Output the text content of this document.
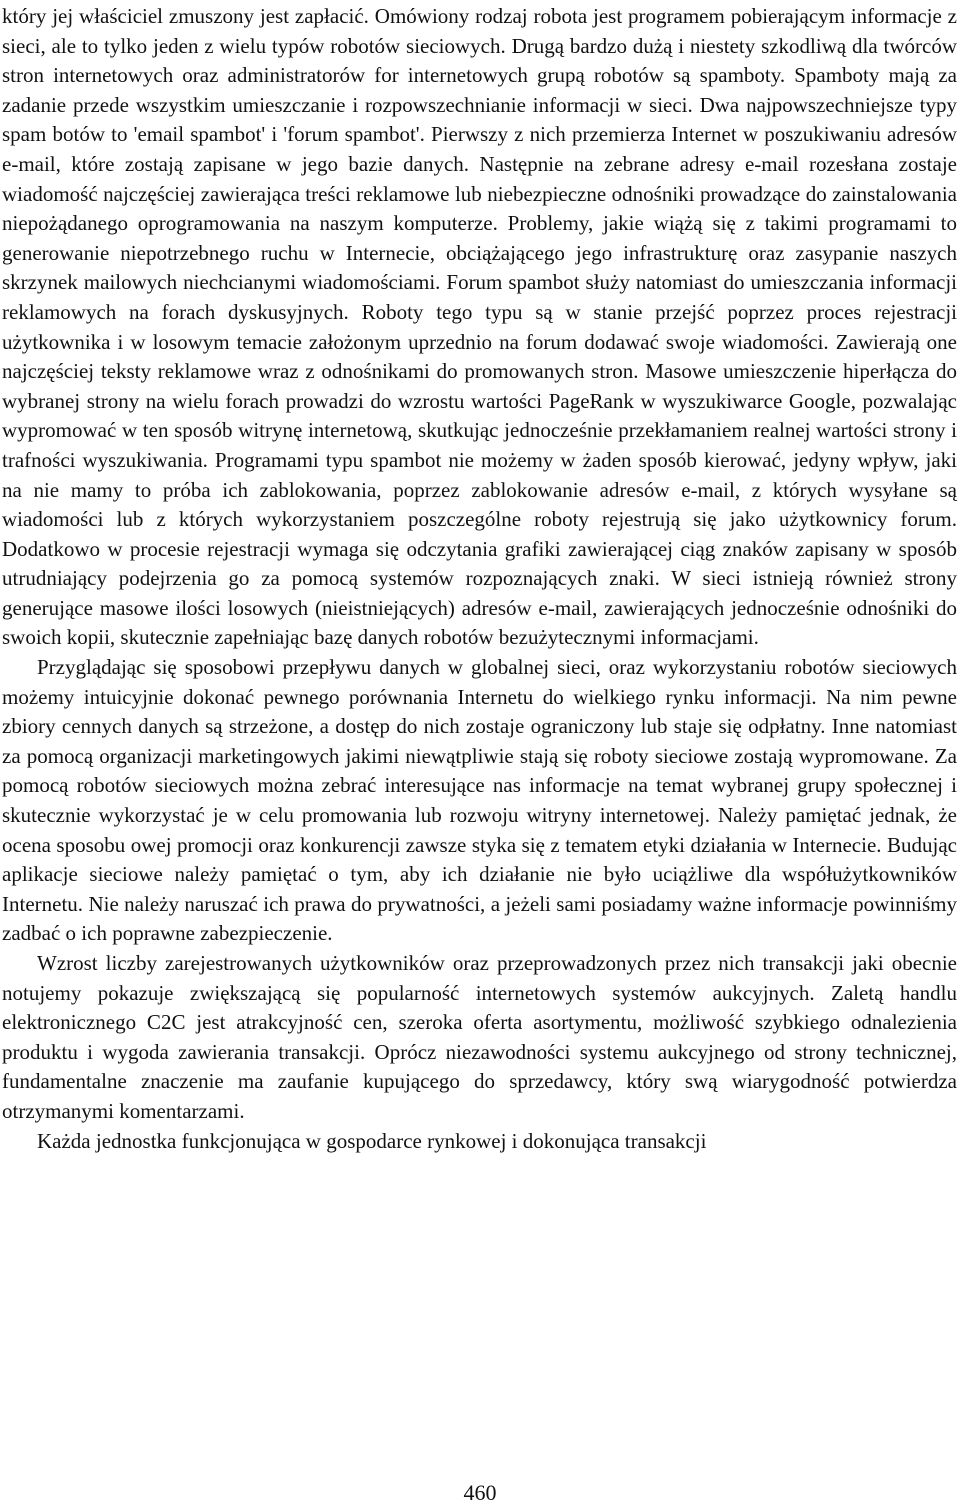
który jej właściciel zmuszony jest zapłacić. Omówiony rodzaj robota jest programem pobierającym informacje z sieci, ale to tylko jeden z wielu typów robotów sieciowych. Drugą bardzo dużą i niestety szkodliwą dla twórców stron internetowych oraz administratorów for internetowych grupą robotów są spamboty. Spamboty mają za zadanie przede wszystkim umieszczanie i rozpowszechnianie informacji w sieci. Dwa najpowszechniejsze typy spam botów to 'email spambot' i 'forum spambot'. Pierwszy z nich przemierza Internet w poszukiwaniu adresów e-mail, które zostają zapisane w jego bazie danych. Następnie na zebrane adresy e-mail rozesłana zostaje wiadomość najczęściej zawierająca treści reklamowe lub niebezpieczne odnośniki prowadzące do zainstalowania niepożądanego oprogramowania na naszym komputerze. Problemy, jakie wiążą się z takimi programami to generowanie niepotrzebnego ruchu w Internecie, obciążającego jego infrastrukturę oraz zasypanie naszych skrzynek mailowych niechcianymi wiadomościami. Forum spambot służy natomiast do umieszczania informacji reklamowych na forach dyskusyjnych. Roboty tego typu są w stanie przejść poprzez proces rejestracji użytkownika i w losowym temacie założonym uprzednio na forum dodawać swoje wiadomości. Zawierają one najczęściej teksty reklamowe wraz z odnośnikami do promowanych stron. Masowe umieszczenie hiperłącza do wybranej strony na wielu forach prowadzi do wzrostu wartości PageRank w wyszukiwarce Google, pozwalając wypromować w ten sposób witrynę internetową, skutkując jednocześnie przekłamaniem realnej wartości strony i trafności wyszukiwania. Programami typu spambot nie możemy w żaden sposób kierować, jedyny wpływ, jaki na nie mamy to próba ich zablokowania, poprzez zablokowanie adresów e-mail, z których wysyłane są wiadomości lub z których wykorzystaniem poszczególne roboty rejestrują się jako użytkownicy forum. Dodatkowo w procesie rejestracji wymaga się odczytania grafiki zawierającej ciąg znaków zapisany w sposób utrudniający podejrzenia go za pomocą systemów rozpoznających znaki. W sieci istnieją również strony generujące masowe ilości losowych (nieistniejących) adresów e-mail, zawierających jednocześnie odnośniki do swoich kopii, skutecznie zapełniając bazę danych robotów bezużytecznymi informacjami.

Przyglądając się sposobowi przepływu danych w globalnej sieci, oraz wykorzystaniu robotów sieciowych możemy intuicyjnie dokonać pewnego porównania Internetu do wielkiego rynku informacji. Na nim pewne zbiory cennych danych są strzeżone, a dostęp do nich zostaje ograniczony lub staje się odpłatny. Inne natomiast za pomocą organizacji marketingowych jakimi niewątpliwie stają się roboty sieciowe zostają wypromowane. Za pomocą robotów sieciowych można zebrać interesujące nas informacje na temat wybranej grupy społecznej i skutecznie wykorzystać je w celu promowania lub rozwoju witryny internetowej. Należy pamiętać jednak, że ocena sposobu owej promocji oraz konkurencji zawsze styka się z tematem etyki działania w Internecie. Budując aplikacje sieciowe należy pamiętać o tym, aby ich działanie nie było uciążliwe dla współużytkowników Internetu. Nie należy naruszać ich prawa do prywatności, a jeżeli sami posiadamy ważne informacje powinniśmy zadbać o ich poprawne zabezpieczenie.

Wzrost liczby zarejestrowanych użytkowników oraz przeprowadzonych przez nich transakcji jaki obecnie notujemy pokazuje zwiększającą się popularność internetowych systemów aukcyjnych. Zaletą handlu elektronicznego C2C jest atrakcyjność cen, szeroka oferta asortymentu, możliwość szybkiego odnalezienia produktu i wygoda zawierania transakcji. Oprócz niezawodności systemu aukcyjnego od strony technicznej, fundamentalne znaczenie ma zaufanie kupującego do sprzedawcy, który swą wiarygodność potwierdza otrzymanymi komentarzami.

Każda jednostka funkcjonująca w gospodarce rynkowej i dokonująca transakcji

460
